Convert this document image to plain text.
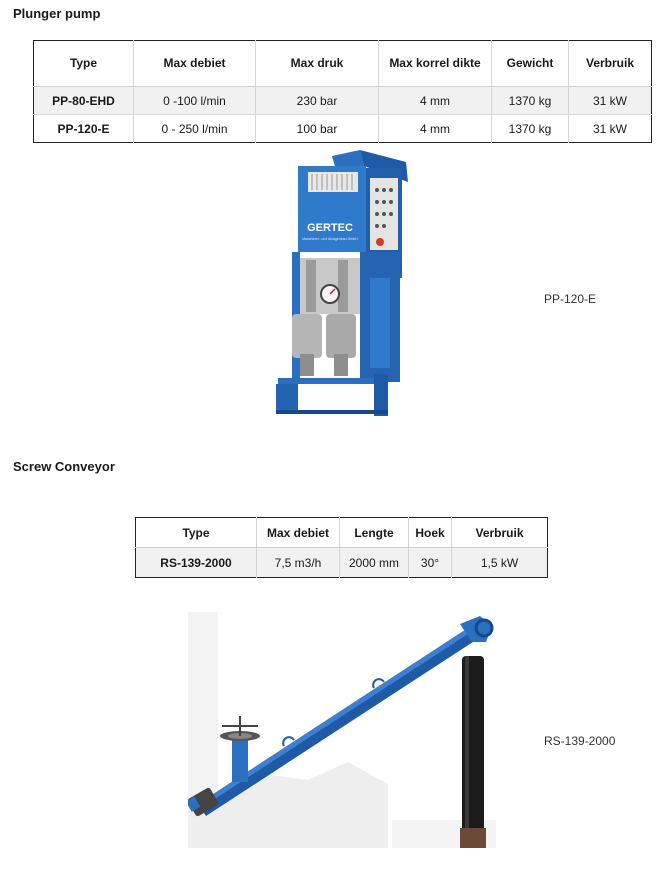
Plunger pump
Type	Max debiet	Max druk	Max korrel dikte	Gewicht	Verbruik
PP-80-EHD	0 -100 l/min	230 bar	4 mm	1370 kg	31 kW
PP-120-E	0 - 250 l/min	100 bar	4 mm	1370 kg	31 kW
GERTEC
Maschinen- und Anlagenbau GmbH
PP-120-E
Screw Conveyor
Type	Max debiet	Lengte	Hoek	Verbruik
RS-139-2000	7,5 m3/h	2000 mm	30°	1,5 kW
RS-139-2000
